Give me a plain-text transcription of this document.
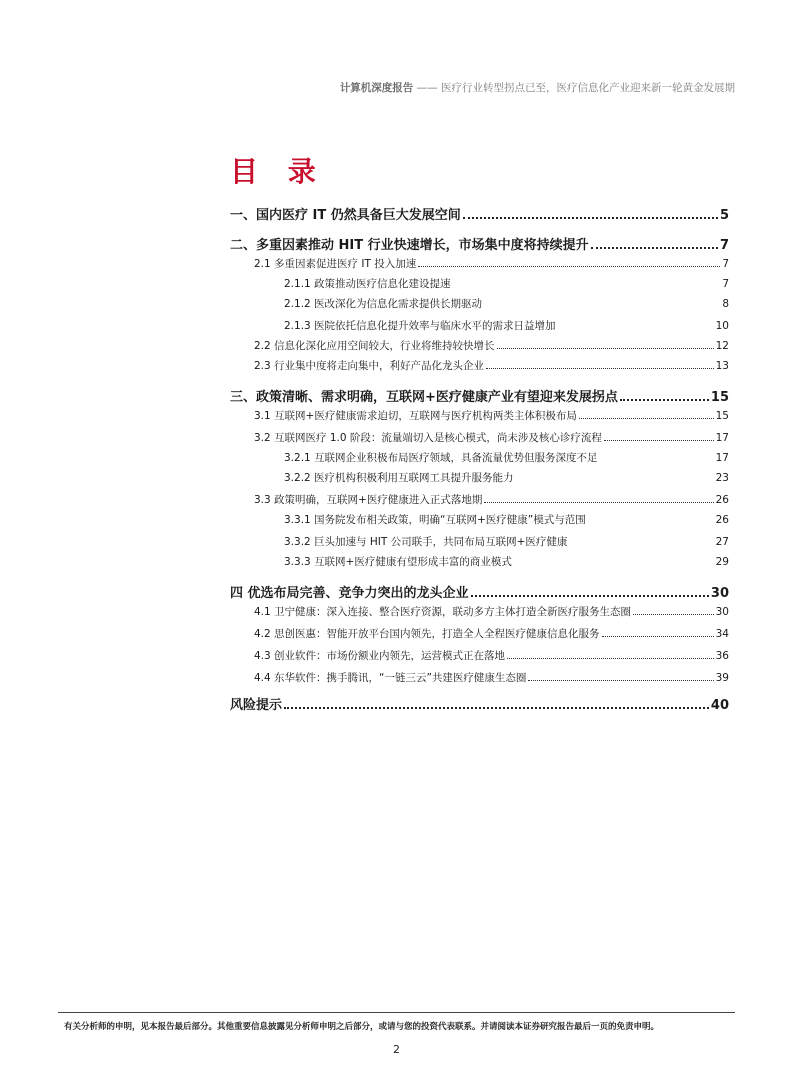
计算机深度报告 —— 医疗行业转型拐点已至，医疗信息化产业迎来新一轮黄金发展期
目 录
一、国内医疗 IT 仍然具备巨大发展空间	5
二、多重因素推动 HIT 行业快速增长，市场集中度将持续提升	7
2.1 多重因素促进医疗 IT 投入加速	7
2.1.1 政策推动医疗信息化建设提速	7
2.1.2 医改深化为信息化需求提供长期驱动	8
2.1.3 医院依托信息化提升效率与临床水平的需求日益增加	10
2.2 信息化深化应用空间较大，行业将维持较快增长	12
2.3 行业集中度将走向集中，利好产品化龙头企业	13
三、政策清晰、需求明确，互联网+医疗健康产业有望迎来发展拐点	15
3.1 互联网+医疗健康需求迫切，互联网与医疗机构两类主体积极布局	15
3.2 互联网医疗 1.0 阶段：流量端切入是核心模式，尚未涉及核心诊疗流程	17
3.2.1 互联网企业积极布局医疗领域，具备流量优势但服务深度不足	17
3.2.2 医疗机构积极利用互联网工具提升服务能力	23
3.3 政策明确，互联网+医疗健康进入正式落地期	26
3.3.1 国务院发布相关政策，明确“互联网+医疗健康”模式与范围	26
3.3.2 巨头加速与 HIT 公司联手，共同布局互联网+医疗健康	27
3.3.3 互联网+医疗健康有望形成丰富的商业模式	29
四 优选布局完善、竞争力突出的龙头企业	30
4.1 卫宁健康：深入连接、整合医疗资源，联动多方主体打造全新医疗服务生态圈	30
4.2 思创医惠：智能开放平台国内领先，打造全人全程医疗健康信息化服务	34
4.3 创业软件：市场份额业内领先，运营模式正在落地	36
4.4 东华软件：携手腾讯，“一链三云”共建医疗健康生态圈	39
风险提示	40
有关分析师的申明，见本报告最后部分。其他重要信息披露见分析师申明之后部分，或请与您的投资代表联系。并请阅读本证券研究报告最后一页的免责申明。
2
